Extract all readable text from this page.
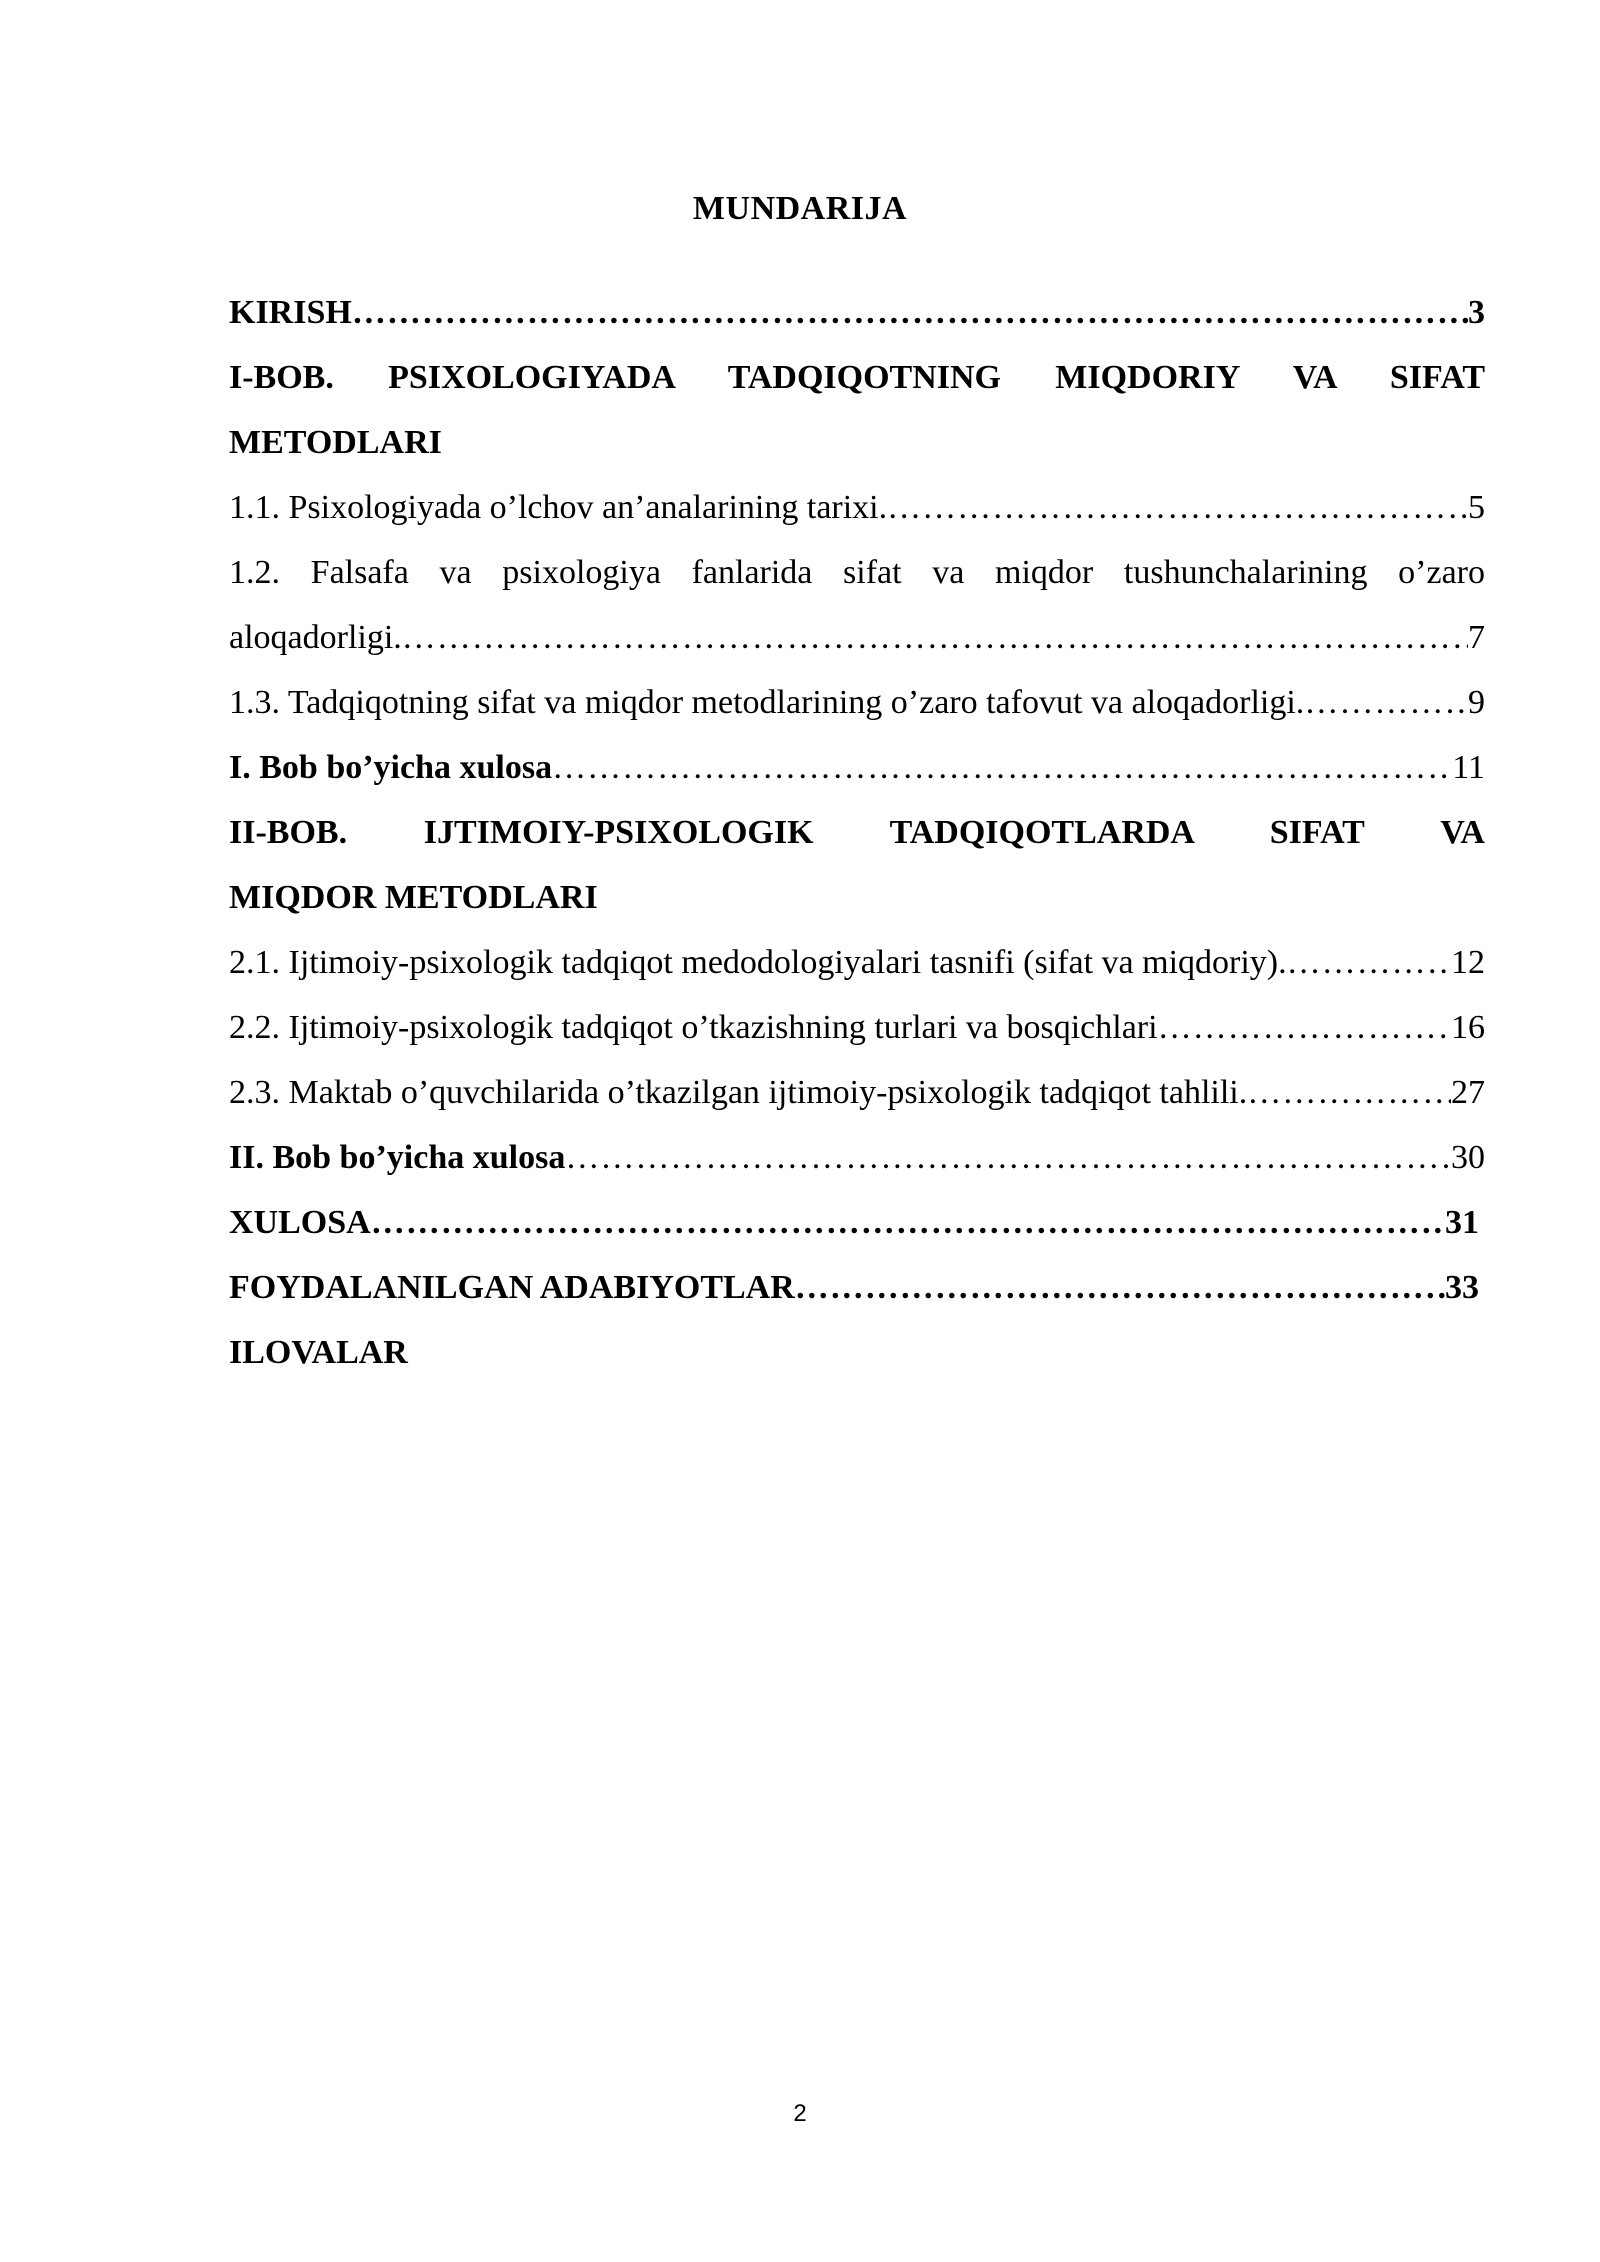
MUNDARIJA
KIRISH ……………………………………………………………………………………………………………………………………………………………………………………	3
I-BOB. PSIXOLOGIYADA TADQIQOTNING MIQDORIY VA SIFAT
METODLARI
1.1. Psixologiyada o’lchov an’analarining tarixi. ……………………………………………………………………………………………………………………………………………………………………………………	5
1.2. Falsafa va psixologiya fanlarida sifat va miqdor tushunchalarining o’zaro
aloqadorligi. ……………………………………………………………………………………………………………………………………………………………………………………	7
1.3. Tadqiqotning sifat va miqdor metodlarining o’zaro tafovut va aloqadorligi. ……………………………………………………………………………………………………………………………………………………………………………………	9
I. Bob bo’yicha xulosa ……………………………………………………………………………………………………………………………………………………………………………………	11
II-BOB. IJTIMOIY-PSIXOLOGIK TADQIQOTLARDA SIFAT VA
MIQDOR METODLARI
2.1. Ijtimoiy-psixologik tadqiqot medodologiyalari tasnifi (sifat va miqdoriy). ……………………………………………………………………………………………………………………………………………………………………………………	12
2.2. Ijtimoiy-psixologik tadqiqot o’tkazishning turlari va bosqichlari ……………………………………………………………………………………………………………………………………………………………………………………	16
2.3. Maktab o’quvchilarida o’tkazilgan ijtimoiy-psixologik tadqiqot tahlili. ……………………………………………………………………………………………………………………………………………………………………………………	27
II. Bob bo’yicha xulosa ……………………………………………………………………………………………………………………………………………………………………………………	30
XULOSA ……………………………………………………………………………………………………………………………………………………………………………………	31
FOYDALANILGAN ADABIYOTLAR ……………………………………………………………………………………………………………………………………………………………………………………	33
ILOVALAR
2
